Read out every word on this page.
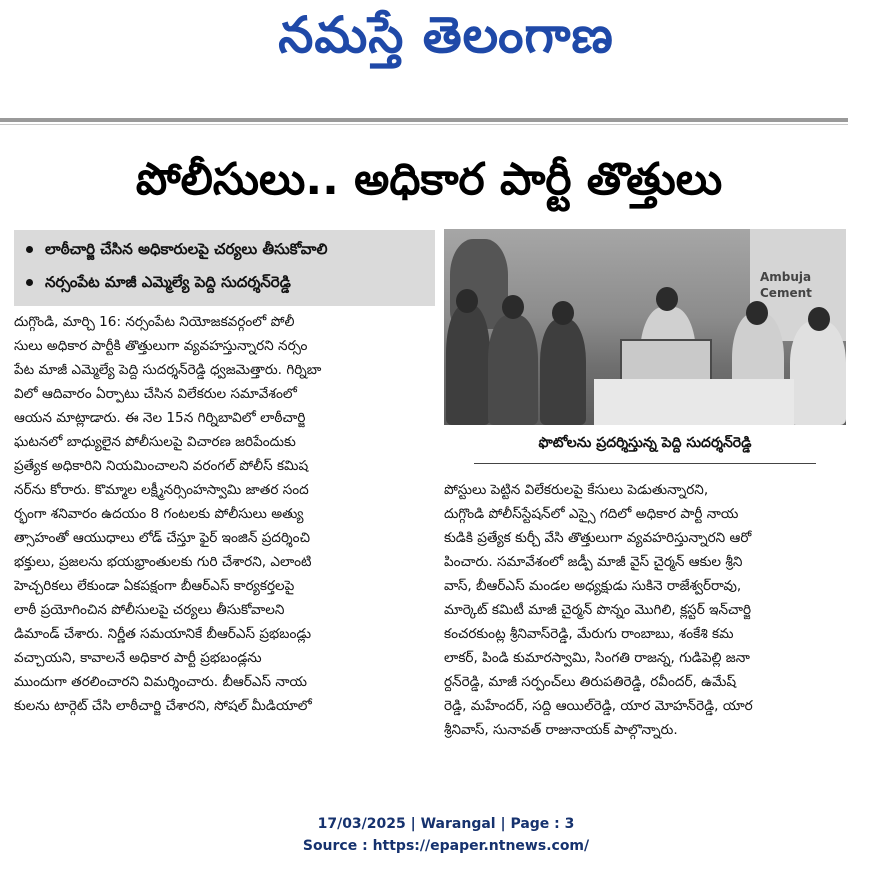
నమస్తే తెలంగాణ
పోలీసులు.. అధికార పార్టీ తొత్తులు
లాఠీచార్జి చేసిన అధికారులపై చర్యలు తీసుకోవాలి
నర్సంపేట మాజీ ఎమ్మెల్యే పెద్ది సుదర్శన్‌రెడ్డి

దుగ్గొండి, మార్చి 16: నర్సంపేట నియోజకవర్గంలో పోలీ

సులు అధికార పార్టీకి తొత్తులుగా వ్యవహస్తున్నారని నర్సం

పేట మాజీ ఎమ్మెల్యే పెద్ది సుదర్శన్‌రెడ్డి ధ్వజమెత్తారు. గిర్నిబా

విలో ఆదివారం ఏర్పాటు చేసిన విలేకరుల సమావేశంలో

ఆయన మాట్లాడారు. ఈ నెల 15న గిర్నిబావిలో లాఠీచార్జి

ఘటనలో బాధ్యులైన పోలీసులపై విచారణ జరిపేందుకు

ప్రత్యేక అధికారిని నియమించాలని వరంగల్ పోలీస్ కమిష

నర్‌ను కోరారు. కొమ్మాల లక్ష్మీనర్సింహస్వామి జాతర సంద

ర్భంగా శనివారం ఉదయం 8 గంటలకు పోలీసులు అత్యు

త్సాహంతో ఆయుధాలు లోడ్ చేస్తూ ఫైర్ ఇంజిన్ ప్రదర్శించి

భక్తులు, ప్రజలను భయభ్రాంతులకు గురి చేశారని, ఎలాంటి

హెచ్చరికలు లేకుండా ఏకపక్షంగా బీఆర్‌ఎస్ కార్యకర్తలపై

లాఠీ ప్రయోగించిన పోలీసులపై చర్యలు తీసుకోవాలని

డిమాండ్ చేశారు. నిర్ణీత సమయానికే బీఆర్‌ఎస్ ప్రభబండ్లు

వచ్చాయని, కావాలనే అధికార పార్టీ ప్రభబండ్లను

ముందుగా తరలించారని విమర్శించారు. బీఆర్‌ఎస్ నాయ

కులను టార్గెట్ చేసి లాఠీచార్జి చేశారని, సోషల్ మీడియాలో

Ambuja Cement
ఫొటోలను ప్రదర్శిస్తున్న పెద్ది సుదర్శన్‌రెడ్డి

పోస్టులు పెట్టిన విలేకరులపై కేసులు పెడుతున్నారని,

దుగ్గొండి పోలీస్‌స్టేషన్‌లో ఎస్సై గదిలో అధికార పార్టీ నాయ

కుడికి ప్రత్యేక కుర్చీ వేసి తొత్తులుగా వ్యవహరిస్తున్నారని ఆరో

పించారు. సమావేశంలో జడ్పీ మాజీ వైస్ చైర్మన్ ఆకుల శ్రీని

వాస్, బీఆర్‌ఎస్ మండల అధ్యక్షుడు సుకినె రాజేశ్వర్‌రావు,

మార్కెట్ కమిటీ మాజీ చైర్మన్ పొన్నం మొగిలి, క్లస్టర్ ఇన్‌చార్జి

కంచరకుంట్ల శ్రీనివాస్‌రెడ్డి, మేరుగు రాంబాబు, శంకేశి కమ

లాకర్, పిండి కుమారస్వామి, సింగతి రాజన్న, గుడిపెల్లి జనా

ర్దన్‌రెడ్డి, మాజీ సర్పంచ్‌లు తిరుపతిరెడ్డి, రవీందర్, ఉమేష్

రెడ్డి, మహేందర్, సద్ది ఆయిల్‌రెడ్డి, యార మోహన్‌రెడ్డి, యార

శ్రీనివాస్, సునావత్ రాజునాయక్ పాల్గొన్నారు.

17/03/2025 | Warangal | Page : 3
Source : https://epaper.ntnews.com/
